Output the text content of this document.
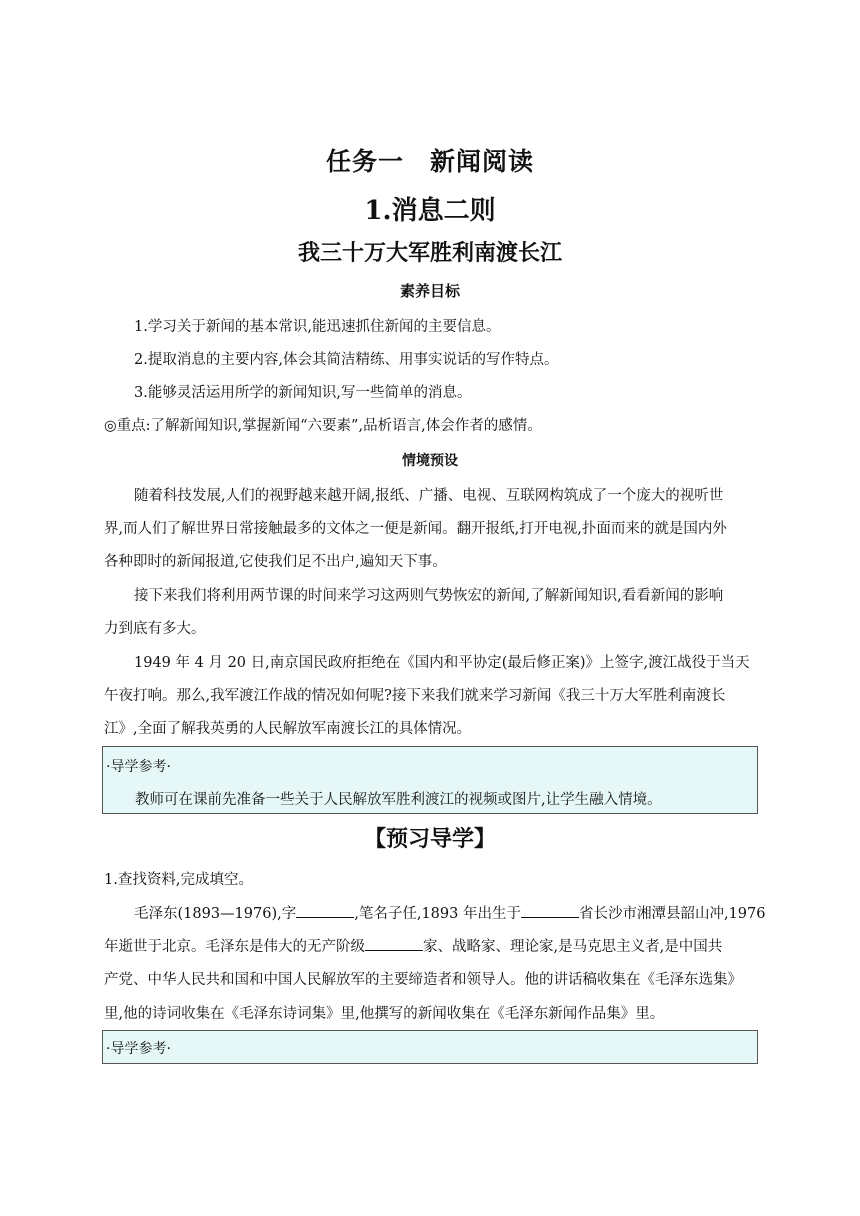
任务一 新闻阅读
1.消息二则
我三十万大军胜利南渡长江
素养目标
1.学习关于新闻的基本常识,能迅速抓住新闻的主要信息。
2.提取消息的主要内容,体会其简洁精练、用事实说话的写作特点。
3.能够灵活运用所学的新闻知识,写一些简单的消息。
◎重点:了解新闻知识,掌握新闻“六要素”,品析语言,体会作者的感情。
情境预设
随着科技发展,人们的视野越来越开阔,报纸、广播、电视、互联网构筑成了一个庞大的视听世
界,而人们了解世界日常接触最多的文体之一便是新闻。翻开报纸,打开电视,扑面而来的就是国内外
各种即时的新闻报道,它使我们足不出户,遍知天下事。
接下来我们将利用两节课的时间来学习这两则气势恢宏的新闻,了解新闻知识,看看新闻的影响
力到底有多大。
1949 年 4 月 20 日,南京国民政府拒绝在《国内和平协定(最后修正案)》上签字,渡江战役于当天
午夜打响。那么,我军渡江作战的情况如何呢?接下来我们就来学习新闻《我三十万大军胜利南渡长
江》,全面了解我英勇的人民解放军南渡长江的具体情况。
·导学参考·
教师可在课前先准备一些关于人民解放军胜利渡江的视频或图片,让学生融入情境。
【预习导学】
1.查找资料,完成填空。
毛泽东(1893—1976),字	,笔名子任,1893 年出生于	省长沙市湘潭县韶山冲,1976
年逝世于北京。毛泽东是伟大的无产阶级	家、战略家、理论家,是马克思主义者,是中国共
产党、中华人民共和国和中国人民解放军的主要缔造者和领导人。他的讲话稿收集在《毛泽东选集》
里,他的诗词收集在《毛泽东诗词集》里,他撰写的新闻收集在《毛泽东新闻作品集》里。
·导学参考·
